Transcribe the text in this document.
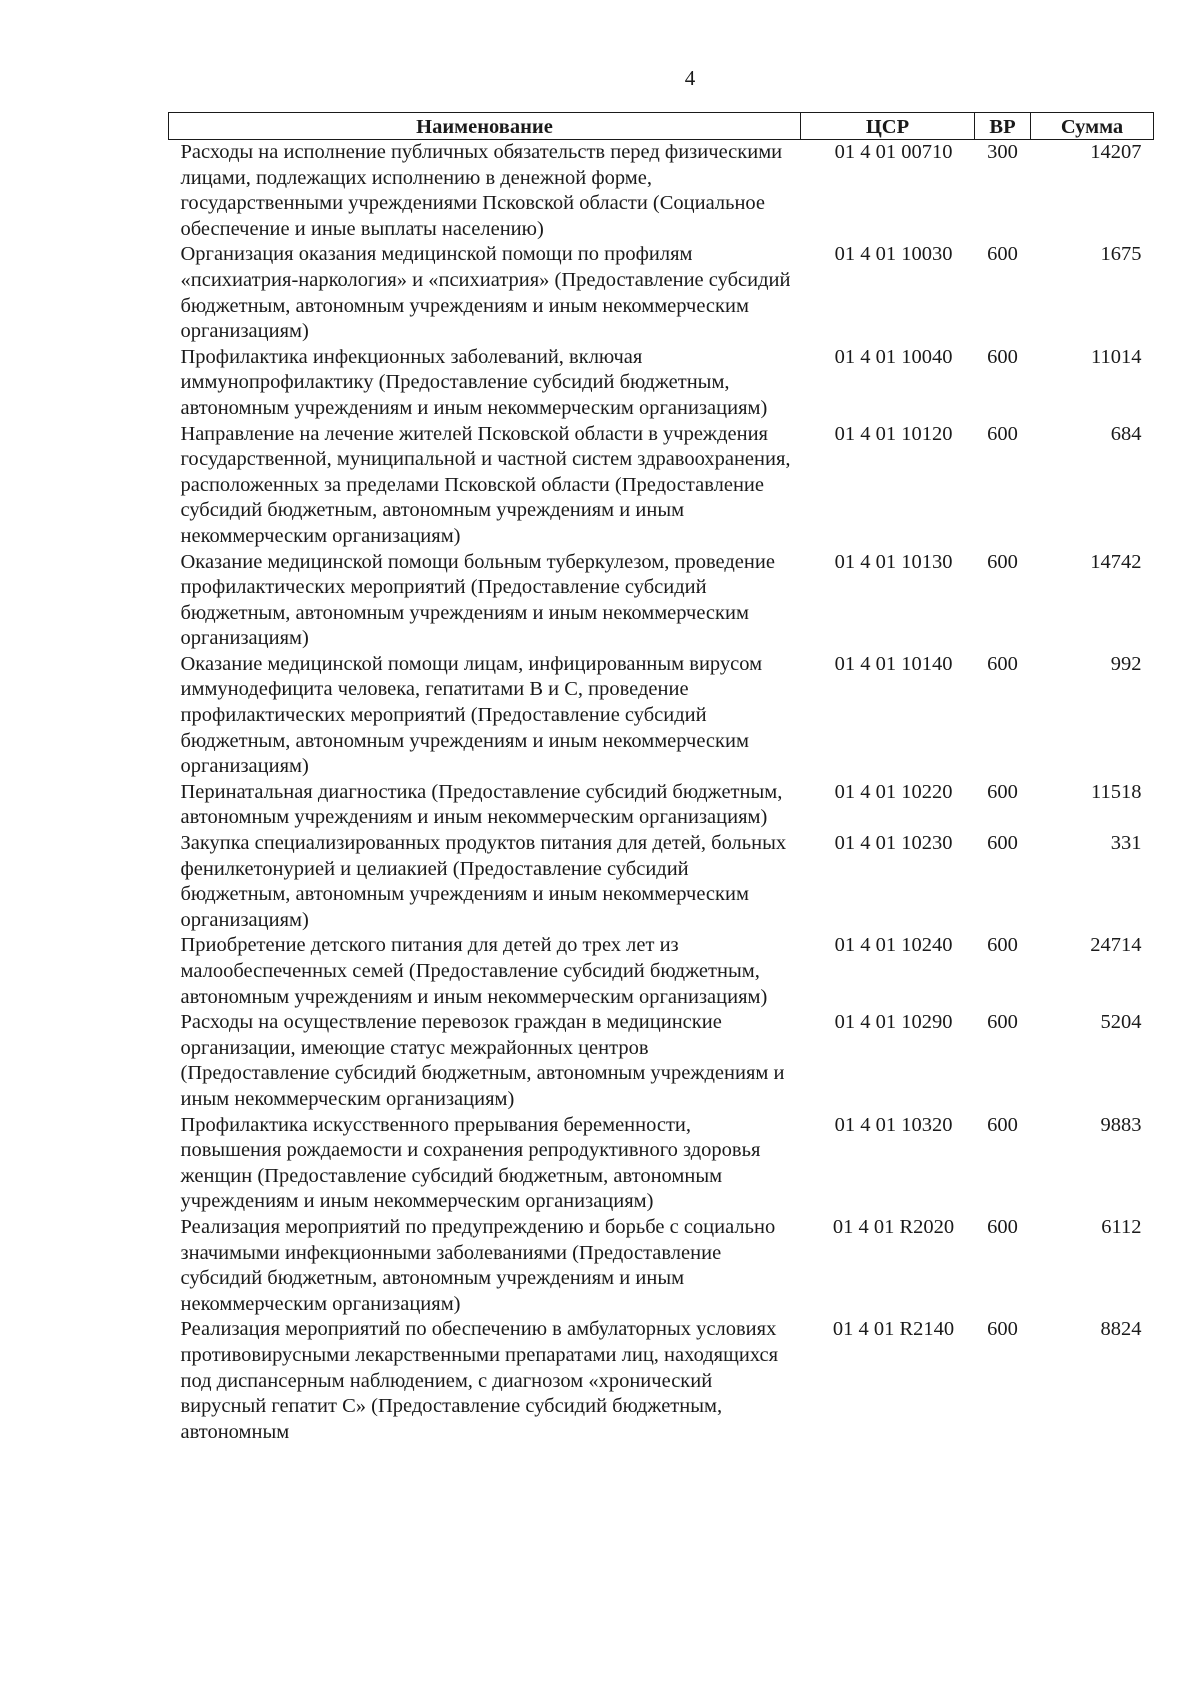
4
Наименование	ЦСР	ВР	Сумма
Расходы на исполнение публичных обязательств перед физическими лицами, подлежащих исполнению в денежной форме, государственными учреждениями Псковской области (Социальное обеспечение и иные выплаты населению)	01 4 01 00710	300	14207
Организация оказания медицинской помощи по профилям «психиатрия-наркология» и «психиатрия» (Предоставление субсидий бюджетным, автономным учреждениям и иным некоммерческим организациям)	01 4 01 10030	600	1675
Профилактика инфекционных заболеваний, включая иммунопрофилактику (Предоставление субсидий бюджетным, автономным учреждениям и иным некоммерческим организациям)	01 4 01 10040	600	11014
Направление на лечение жителей Псковской области в учреждения государственной, муниципальной и частной систем здравоохранения, расположенных за пределами Псковской области (Предоставление субсидий бюджетным, автономным учреждениям и иным некоммерческим организациям)	01 4 01 10120	600	684
Оказание медицинской помощи больным туберкулезом, проведение профилактических мероприятий (Предоставление субсидий бюджетным, автономным учреждениям и иным некоммерческим организациям)	01 4 01 10130	600	14742
Оказание медицинской помощи лицам, инфицированным вирусом иммунодефицита человека, гепатитами В и С, проведение профилактических мероприятий (Предоставление субсидий бюджетным, автономным учреждениям и иным некоммерческим организациям)	01 4 01 10140	600	992
Перинатальная диагностика (Предоставление субсидий бюджетным, автономным учреждениям и иным некоммерческим организациям)	01 4 01 10220	600	11518
Закупка специализированных продуктов питания для детей, больных фенилкетонурией и целиакией (Предоставление субсидий бюджетным, автономным учреждениям и иным некоммерческим организациям)	01 4 01 10230	600	331
Приобретение детского питания для детей до трех лет из малообеспеченных семей (Предоставление субсидий бюджетным, автономным учреждениям и иным некоммерческим организациям)	01 4 01 10240	600	24714
Расходы на осуществление перевозок граждан в медицинские организации, имеющие статус межрайонных центров (Предоставление субсидий бюджетным, автономным учреждениям и иным некоммерческим организациям)	01 4 01 10290	600	5204
Профилактика искусственного прерывания беременности, повышения рождаемости и сохранения репродуктивного здоровья женщин (Предоставление субсидий бюджетным, автономным учреждениям и иным некоммерческим организациям)	01 4 01 10320	600	9883
Реализация мероприятий по предупреждению и борьбе с социально значимыми инфекционными заболеваниями (Предоставление субсидий бюджетным, автономным учреждениям и иным некоммерческим организациям)	01 4 01 R2020	600	6112
Реализация мероприятий по обеспечению в амбулаторных условиях противовирусными лекарственными препаратами лиц, находящихся под диспансерным наблюдением, с диагнозом «хронический вирусный гепатит С» (Предоставление субсидий бюджетным, автономным	01 4 01 R2140	600	8824
